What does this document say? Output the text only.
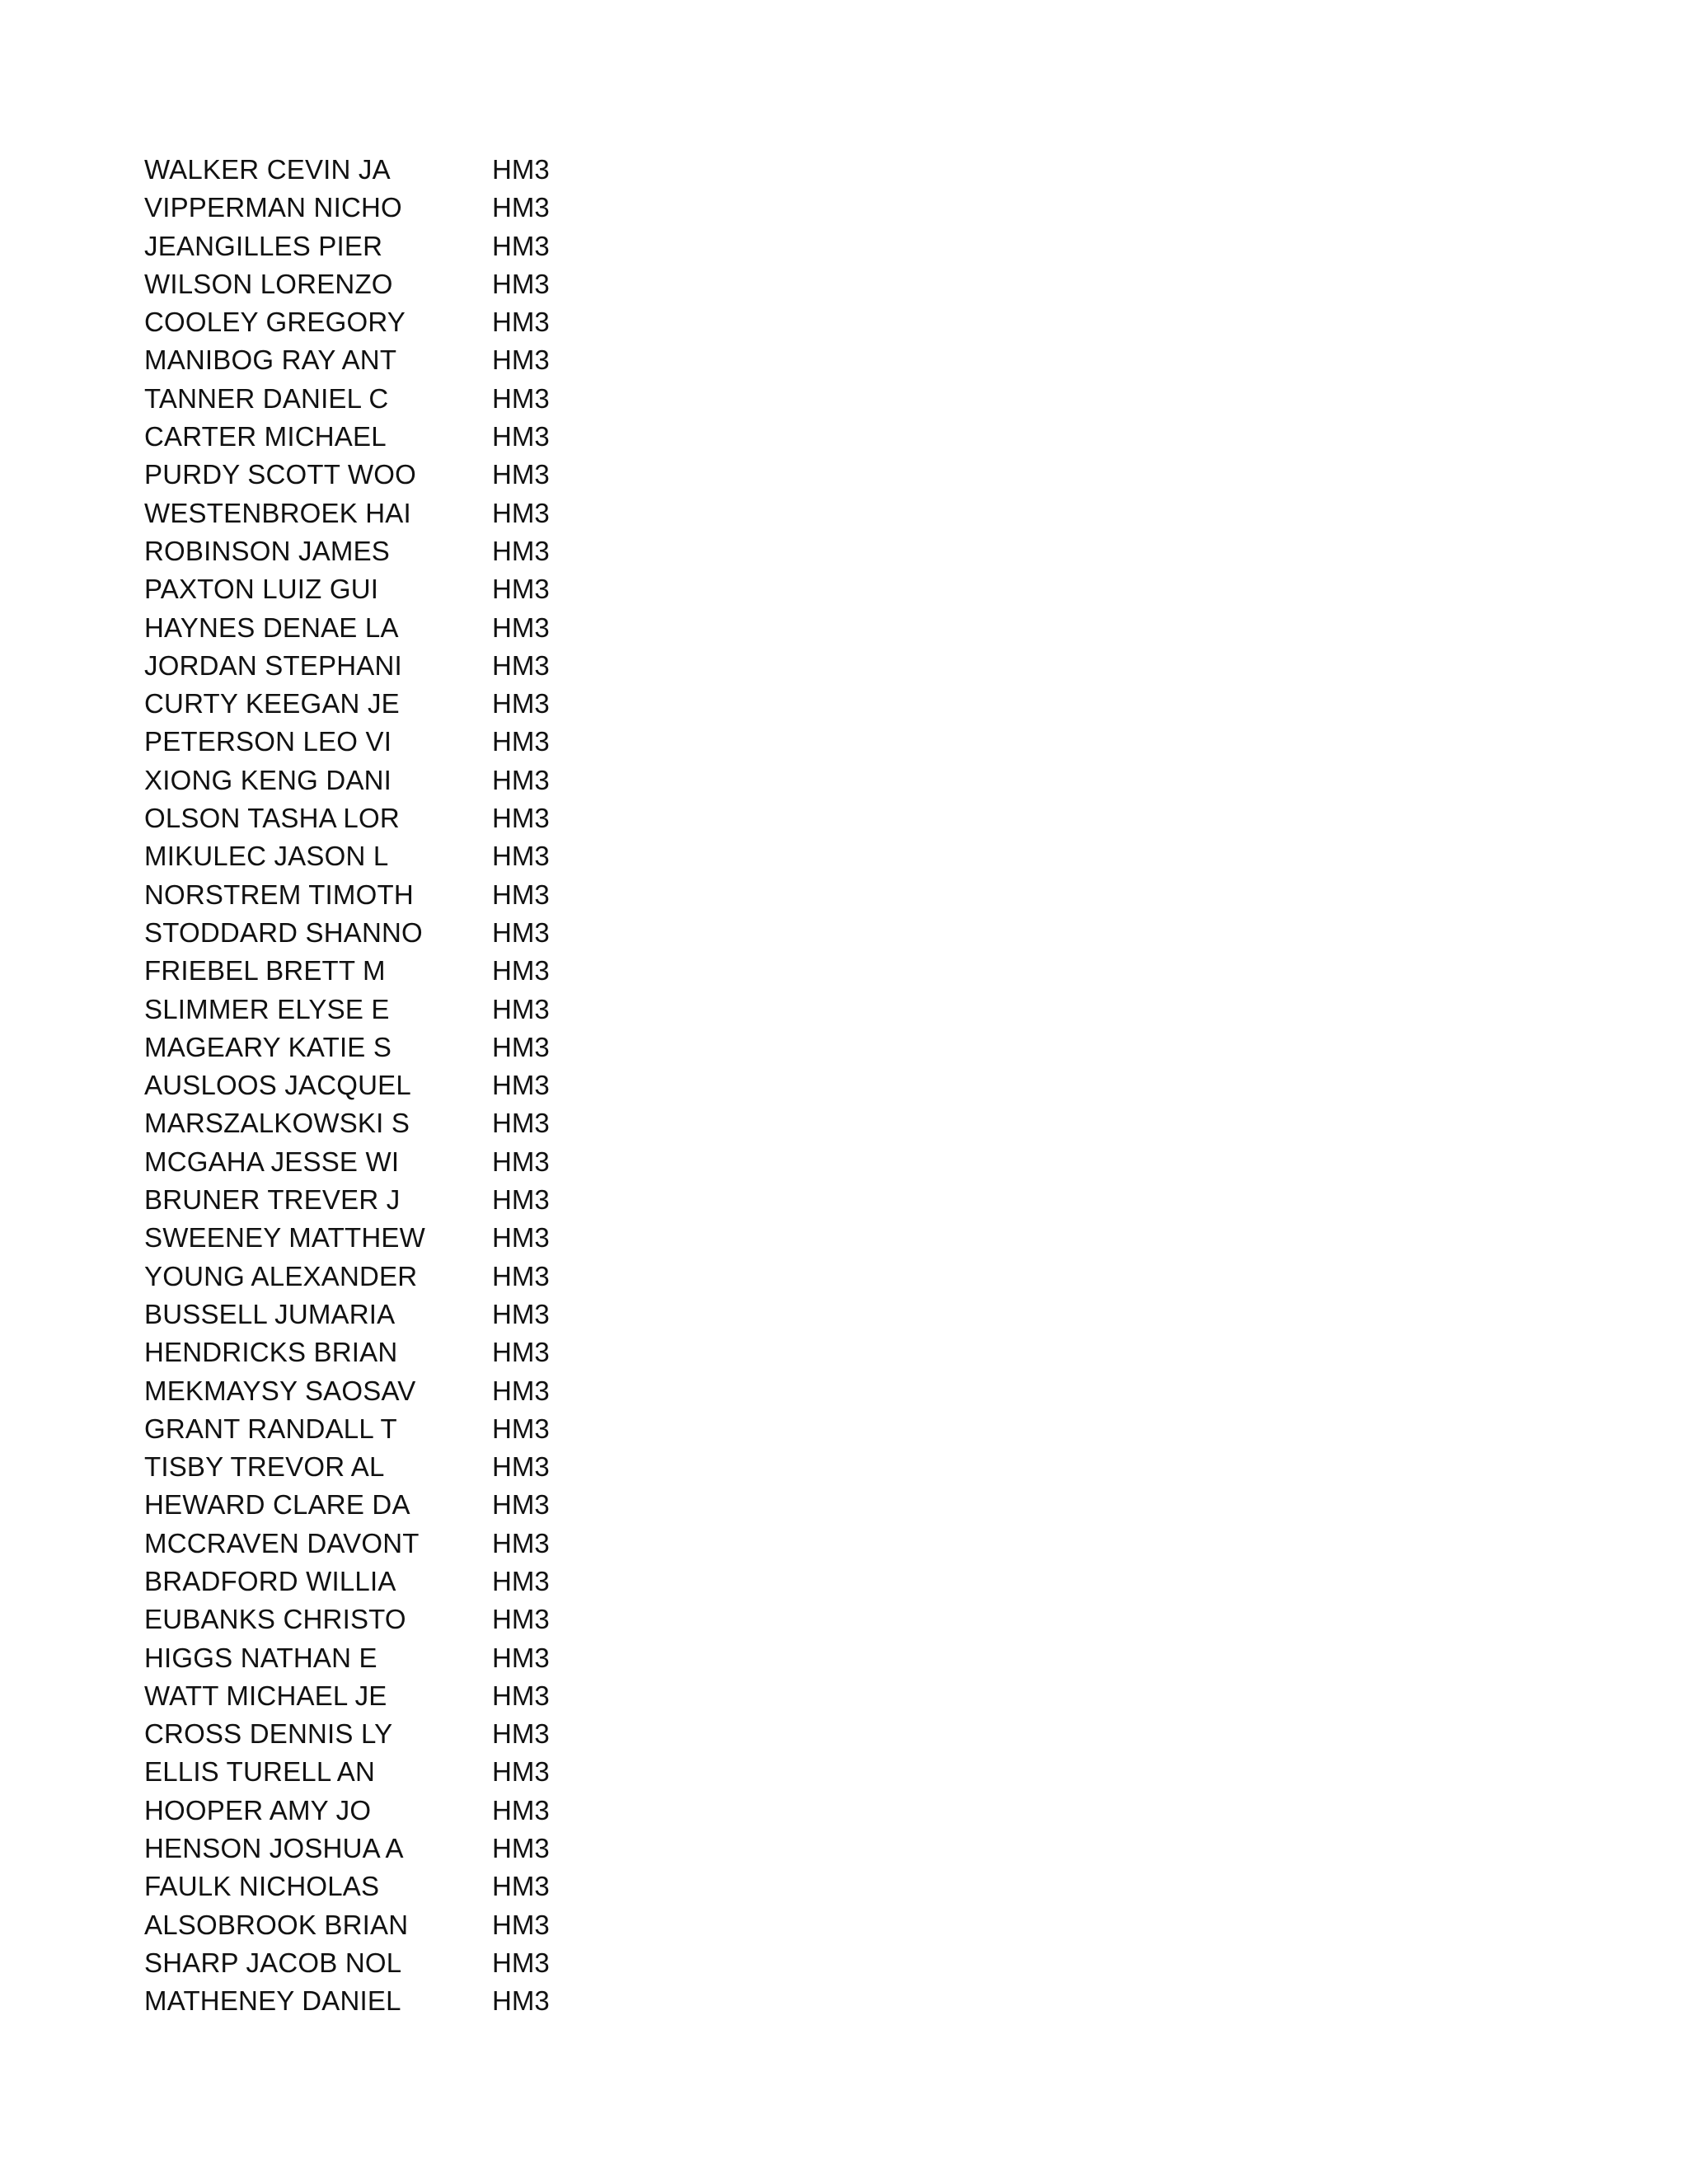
WALKER CEVIN JA	HM3
VIPPERMAN NICHO	HM3
JEANGILLES PIER	HM3
WILSON LORENZO	HM3
COOLEY GREGORY	HM3
MANIBOG RAY ANT	HM3
TANNER DANIEL C	HM3
CARTER MICHAEL	HM3
PURDY SCOTT WOO	HM3
WESTENBROEK HAI	HM3
ROBINSON JAMES	HM3
PAXTON LUIZ GUI	HM3
HAYNES DENAE LA	HM3
JORDAN STEPHANI	HM3
CURTY KEEGAN JE	HM3
PETERSON LEO VI	HM3
XIONG KENG DANI	HM3
OLSON TASHA LOR	HM3
MIKULEC JASON L	HM3
NORSTREM TIMOTH	HM3
STODDARD SHANNO	HM3
FRIEBEL BRETT M	HM3
SLIMMER ELYSE E	HM3
MAGEARY KATIE S	HM3
AUSLOOS JACQUEL	HM3
MARSZALKOWSKI S	HM3
MCGAHA JESSE WI	HM3
BRUNER TREVER J	HM3
SWEENEY MATTHEW HM3
YOUNG ALEXANDER	HM3
BUSSELL JUMARIA	HM3
HENDRICKS BRIAN	HM3
MEKMAYSY SAOSAV	HM3
GRANT RANDALL T	HM3
TISBY TREVOR AL	HM3
HEWARD CLARE DA	HM3
MCCRAVEN DAVONT	HM3
BRADFORD WILLIA	HM3
EUBANKS CHRISTO	HM3
HIGGS NATHAN E	HM3
WATT MICHAEL JE	HM3
CROSS DENNIS LY	HM3
ELLIS TURELL AN	HM3
HOOPER AMY JO	HM3
HENSON JOSHUA A	HM3
FAULK NICHOLAS	HM3
ALSOBROOK BRIAN	HM3
SHARP JACOB NOL	HM3
MATHENEY DANIEL	HM3
